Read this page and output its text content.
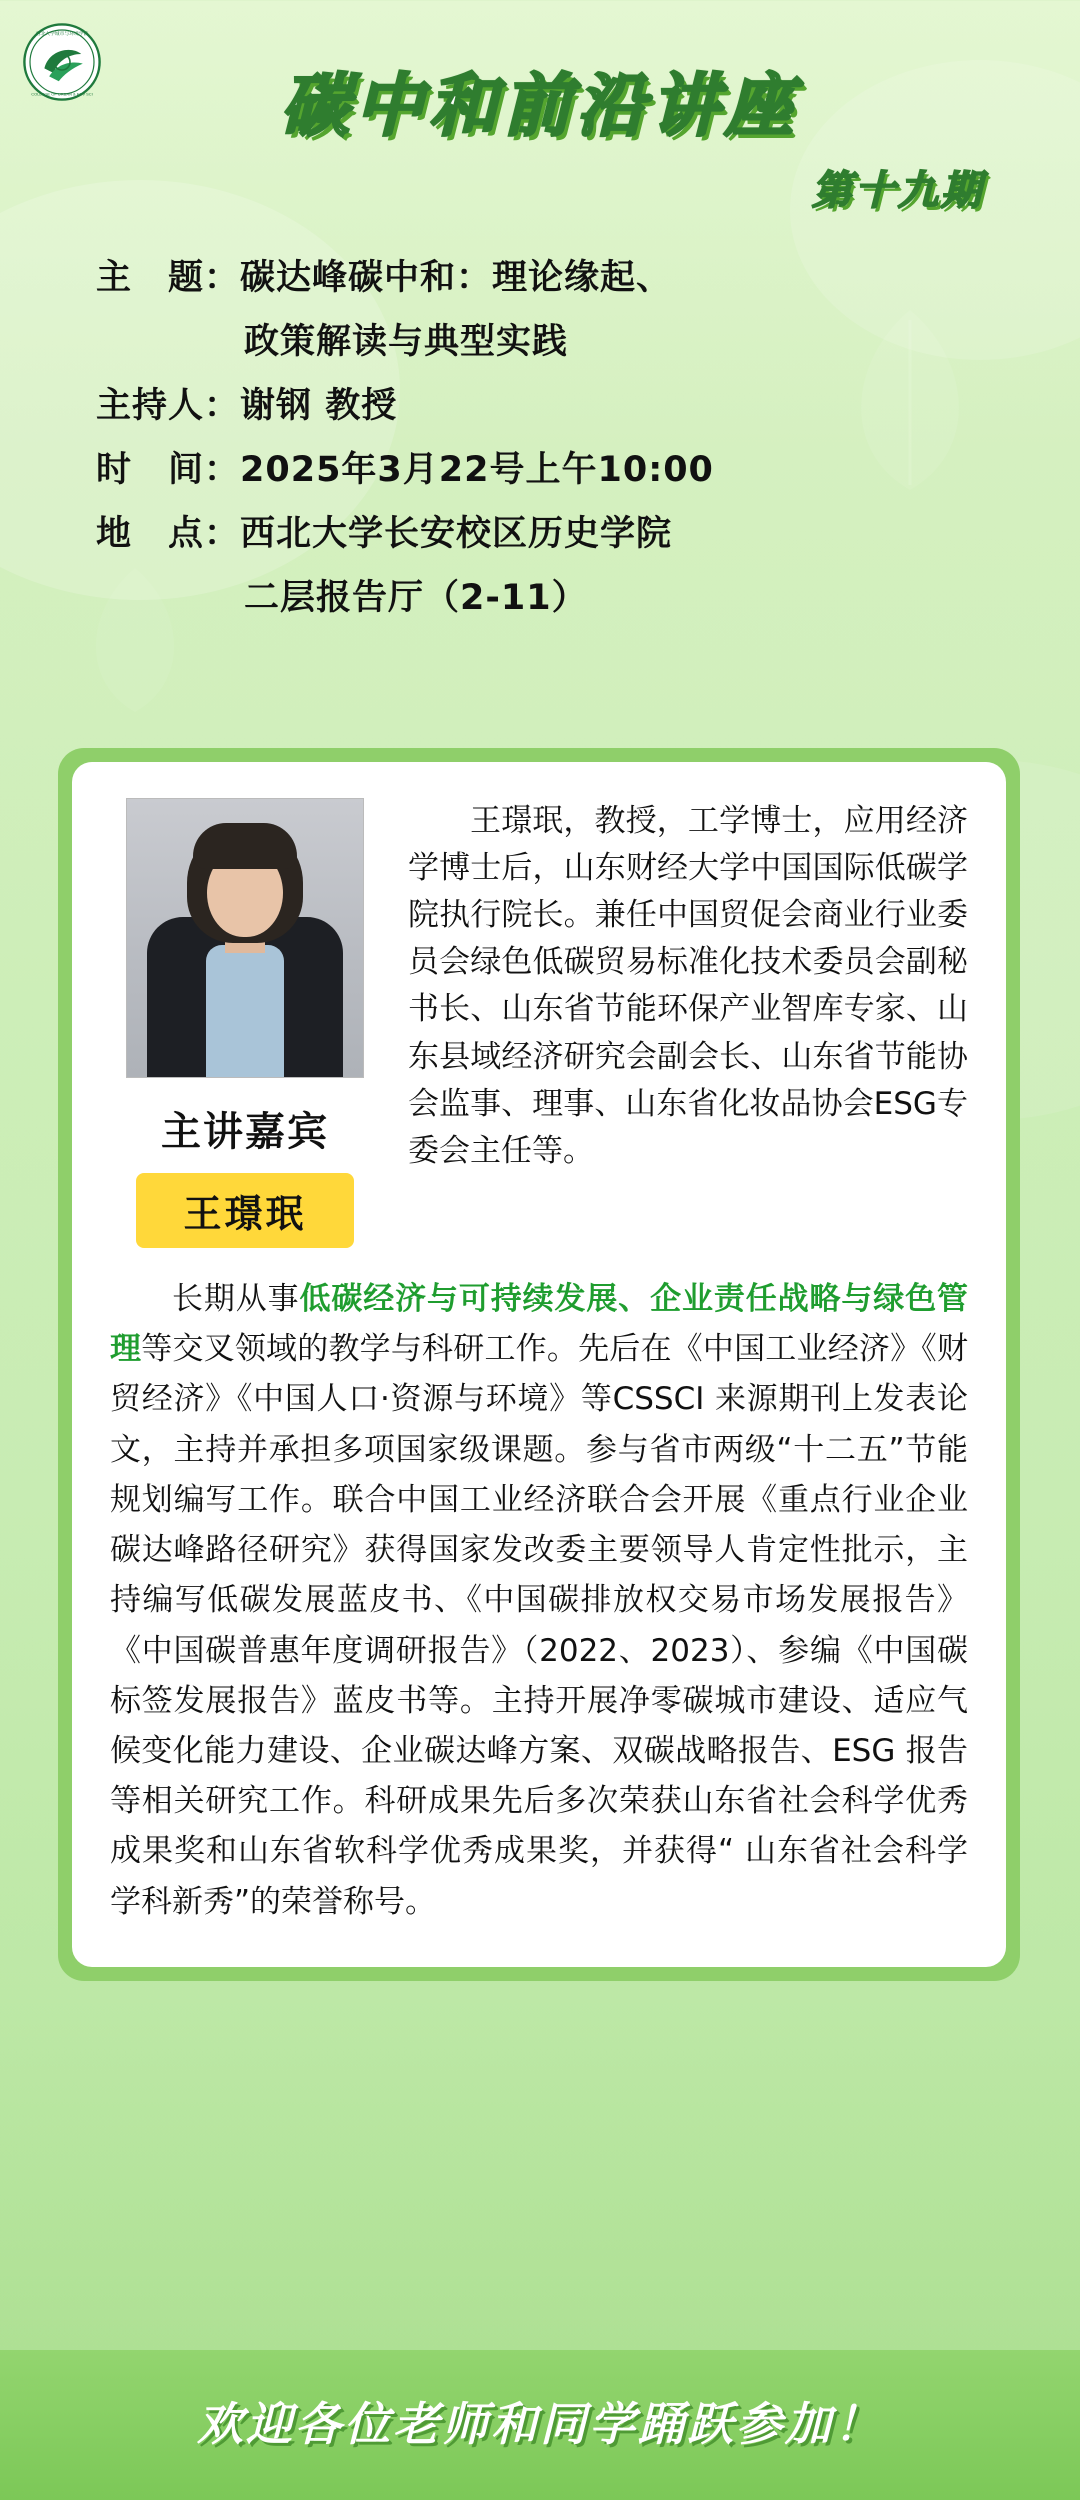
西北大学城市与环境学院
COLLEGE OF URBAN & ENV SCI	碳中和前沿讲座
第十九期
主　题： 碳达峰碳中和：理论缘起、
政策解读与典型实践
主持人： 谢钢 教授
时　间： 2025年3月22号上午10:00
地　点： 西北大学长安校区历史学院
二层报告厅（2-11）
主讲嘉宾
王璟珉
王璟珉，教授，工学博士，应用经济学博士后，山东财经大学中国国际低碳学院执行院长。兼任中国贸促会商业行业委员会绿色低碳贸易标准化技术委员会副秘书长、山东省节能环保产业智库专家、山东县域经济研究会副会长、山东省节能协会监事、理事、山东省化妆品协会ESG专委会主任等。
长期从事低碳经济与可持续发展、企业责任战略与绿色管理等交叉领域的教学与科研工作。先后在《中国工业经济》《财贸经济》《中国人口·资源与环境》等CSSCI 来源期刊上发表论文，主持并承担多项国家级课题。参与省市两级“十二五”节能规划编写工作。联合中国工业经济联合会开展《重点行业企业碳达峰路径研究》获得国家发改委主要领导人肯定性批示，主持编写低碳发展蓝皮书、《中国碳排放权交易市场发展报告》《中国碳普惠年度调研报告》（2022、2023）、参编《中国碳标签发展报告》蓝皮书等。主持开展净零碳城市建设、适应气候变化能力建设、企业碳达峰方案、双碳战略报告、ESG 报告等相关研究工作。科研成果先后多次荣获山东省社会科学优秀成果奖和山东省软科学优秀成果奖，并获得“ 山东省社会科学学科新秀”的荣誉称号。
欢迎各位老师和同学踊跃参加！
